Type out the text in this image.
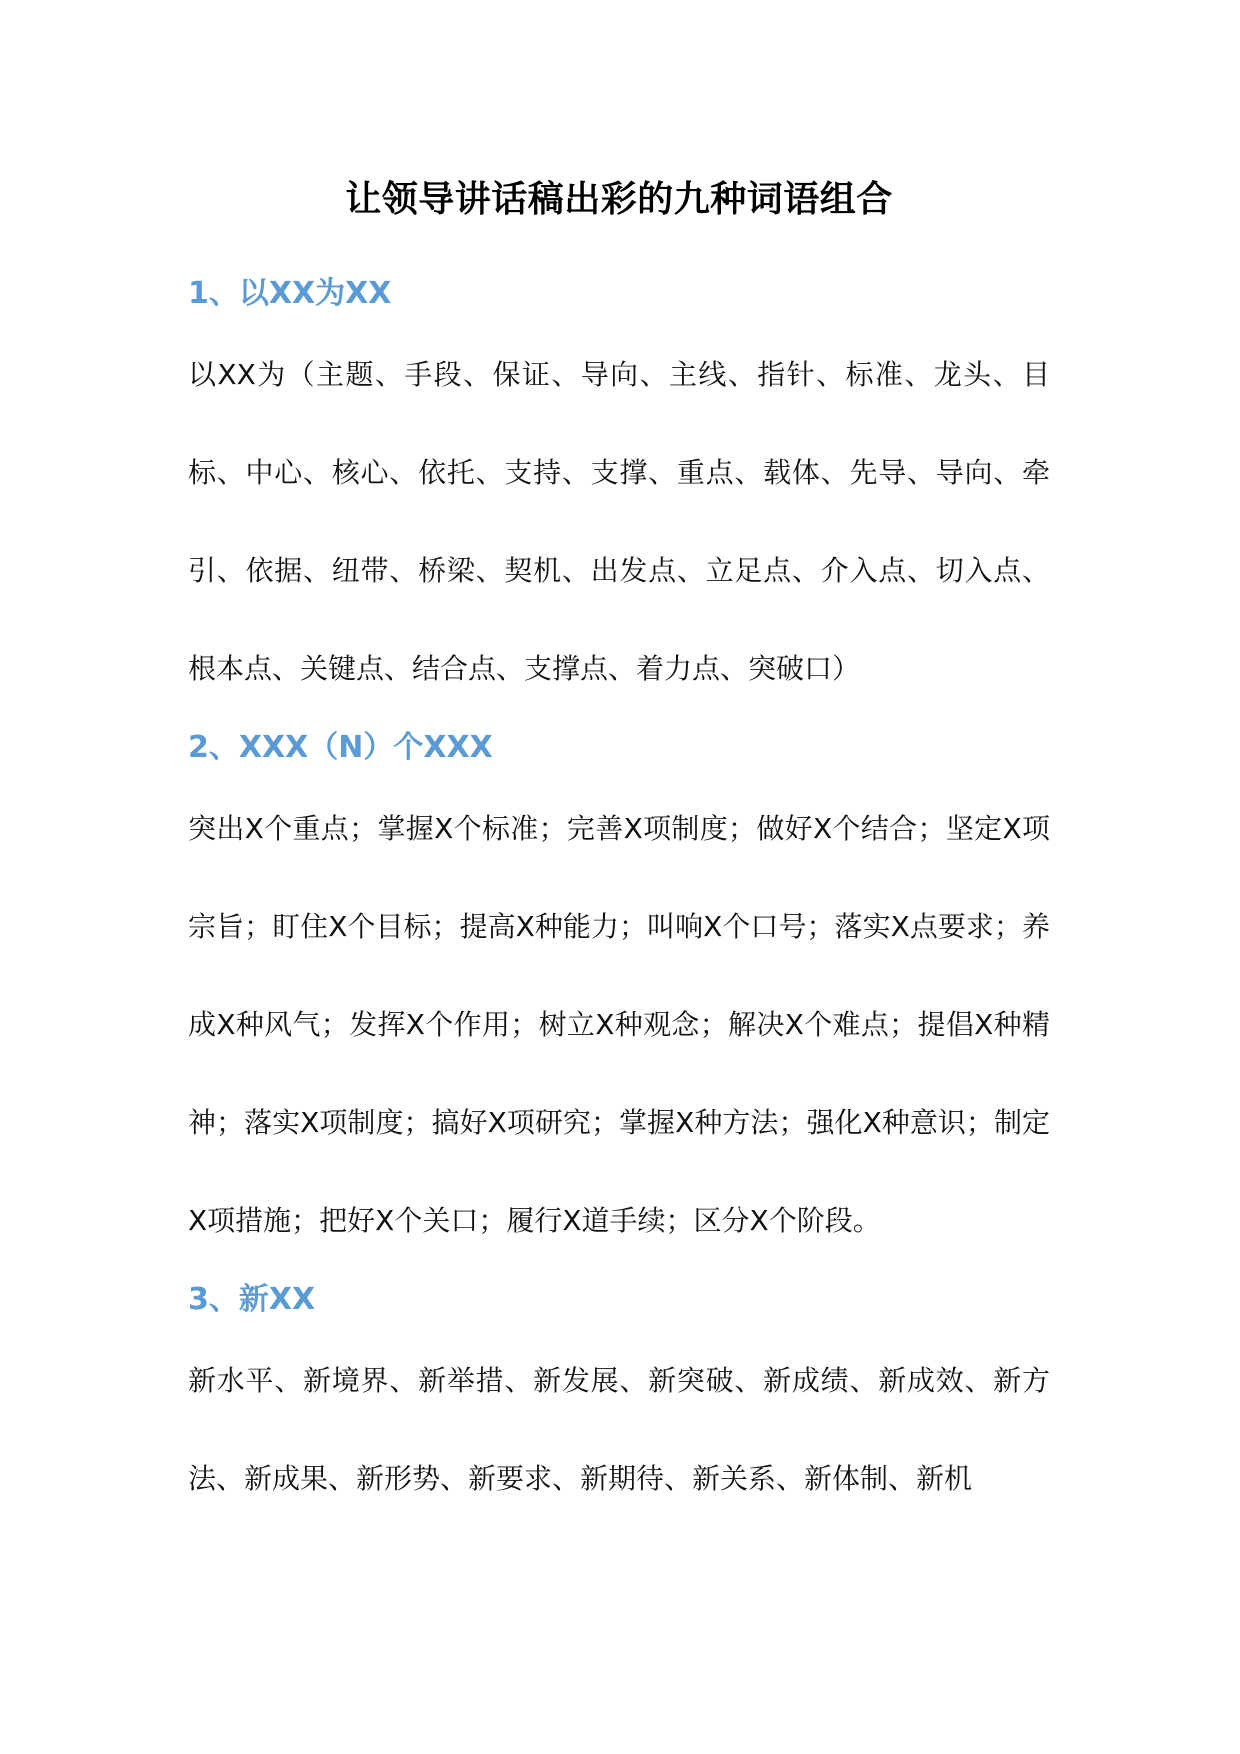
让领导讲话稿出彩的九种词语组合
1、以XX为XX

以XX为（主题、手段、保证、导向、主线、指针、标准、龙头、目标、中心、核心、依托、支持、支撑、重点、载体、先导、导向、牵引、依据、纽带、桥梁、契机、出发点、立足点、介入点、切入点、根本点、关键点、结合点、支撑点、着力点、突破口）

2、XXX（N）个XXX

突出X个重点；掌握X个标准；完善X项制度；做好X个结合；坚定X项宗旨；盯住X个目标；提高X种能力；叫响X个口号；落实X点要求；养成X种风气；发挥X个作用；树立X种观念；解决X个难点；提倡X种精神；落实X项制度；搞好X项研究；掌握X种方法；强化X种意识；制定X项措施；把好X个关口；履行X道手续；区分X个阶段。

3、新XX

新水平、新境界、新举措、新发展、新突破、新成绩、新成效、新方法、新成果、新形势、新要求、新期待、新关系、新体制、新机
